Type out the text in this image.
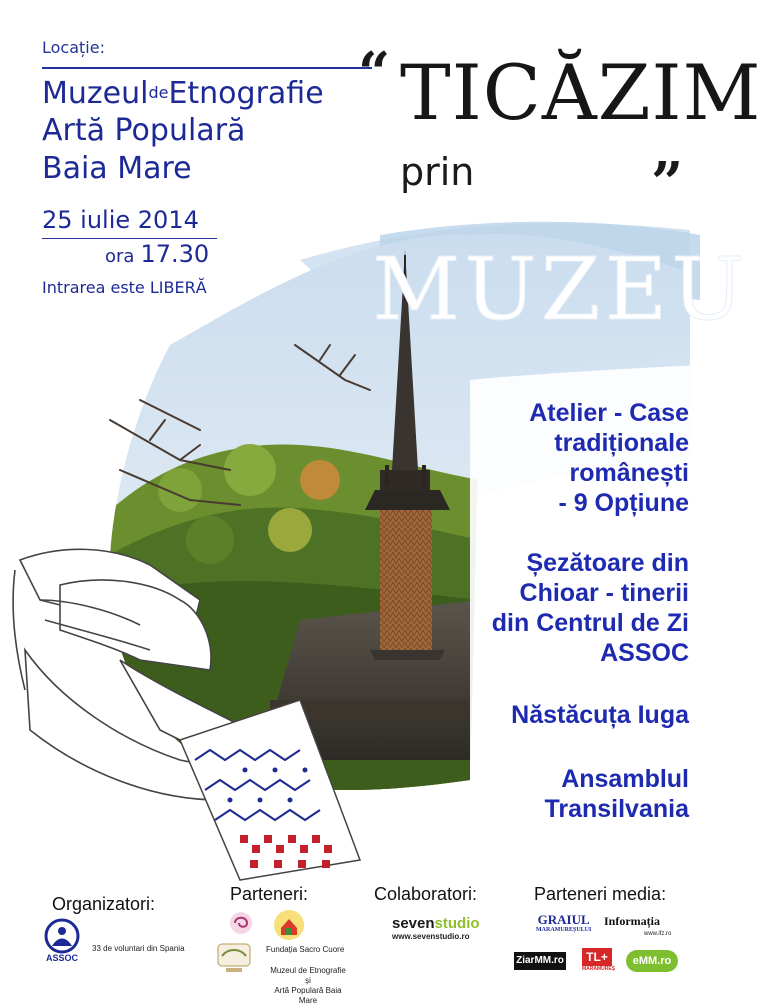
Locație:
MuzeuldeEtnografie
Artă Populară
Baia Mare
25 iulie 2014
ora 17.30
Intrarea este LIBERĂ
“ TICĂZIM
„
prin
MUZEU
Atelier - Case
tradiționale
românești
- 9 Opțiune
Șezătoare din
Chioar - tinerii
din Centrul de Zi
ASSOC
Năstăcuța Iuga
Ansamblul
Transilvania
Organizatori:
ASSOC
33 de voluntari din Spania
Parteneri:
Fundația Sacro Cuore
Muzeul de Etnografie și
Artă Populară Baia Mare
Colaboratori:
sevenstudio
www.sevenstudio.ro
Parteneri media:
GRAIUL
MARAMUREȘULUI
Informația
www.ifz.ro
ZiarMM.ro	TL+
MARAMUREȘ
eMM.ro
